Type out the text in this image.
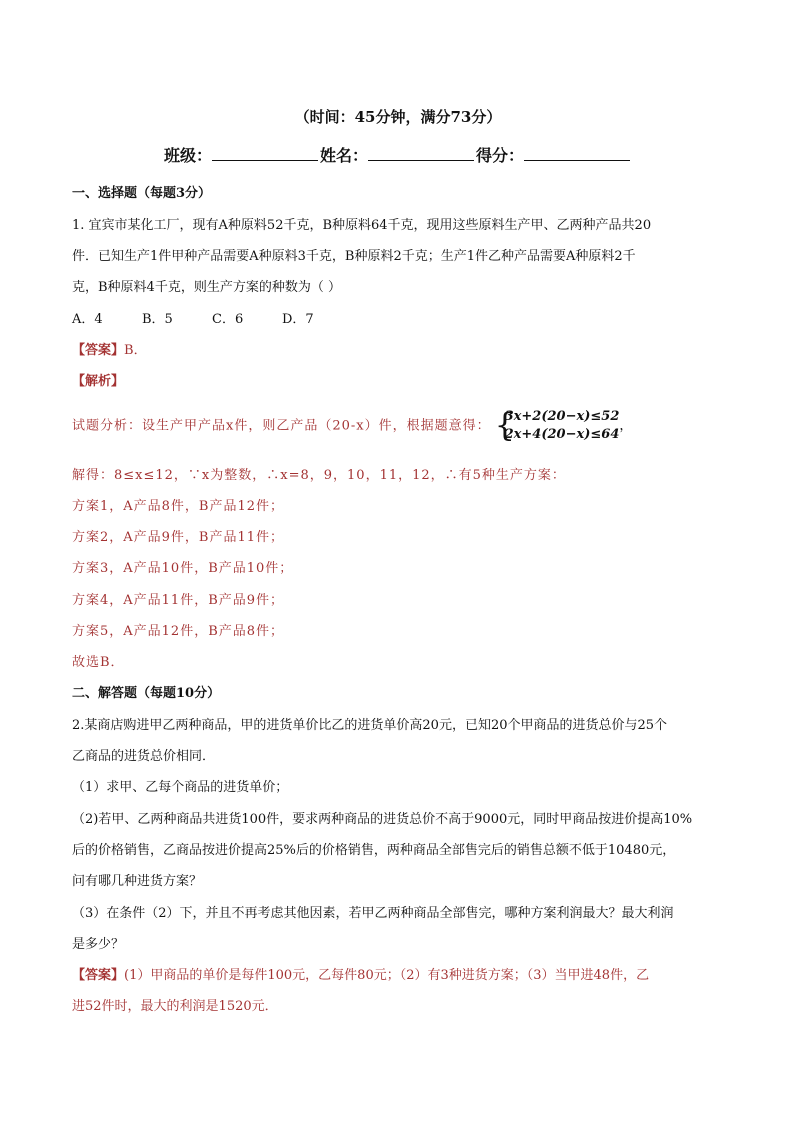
（时间：45分钟，满分73分）
班级：	姓名：	得分：
一、选择题（每题3分）
1. 宜宾市某化工厂，现有A种原料52千克，B种原料64千克，现用这些原料生产甲、乙两种产品共20
件．已知生产1件甲种产品需要A种原料3千克，B种原料2千克；生产1件乙种产品需要A种原料2千
克，B种原料4千克，则生产方案的种数为（ ）
A．4	B．5	C．6	D．7
【答案】B．
【解析】
试题分析：设生产甲产品x件，则乙产品（20-x）件，根据题意得： {
3x+2(20−x)≤52
2x+4(20−x)≤64，
解得：8≤x≤12，∵x为整数，∴x=8，9，10，11，12，∴有5种生产方案：
方案1，A产品8件，B产品12件；
方案2，A产品9件，B产品11件；
方案3，A产品10件，B产品10件；
方案4，A产品11件，B产品9件；
方案5，A产品12件，B产品8件；
故选B．
二、解答题（每题10分）
2.某商店购进甲乙两种商品，甲的进货单价比乙的进货单价高20元，已知20个甲商品的进货总价与25个
乙商品的进货总价相同．
（1）求甲、乙每个商品的进货单价；
（2)若甲、乙两种商品共进货100件，要求两种商品的进货总价不高于9000元，同时甲商品按进价提高10%
后的价格销售，乙商品按进价提高25%后的价格销售，两种商品全部售完后的销售总额不低于10480元，
问有哪几种进货方案？
（3）在条件（2）下，并且不再考虑其他因素，若甲乙两种商品全部售完，哪种方案利润最大？最大利润
是多少？
【答案】(1）甲商品的单价是每件100元，乙每件80元；（2）有3种进货方案；（3）当甲进48件，乙
进52件时，最大的利润是1520元．
